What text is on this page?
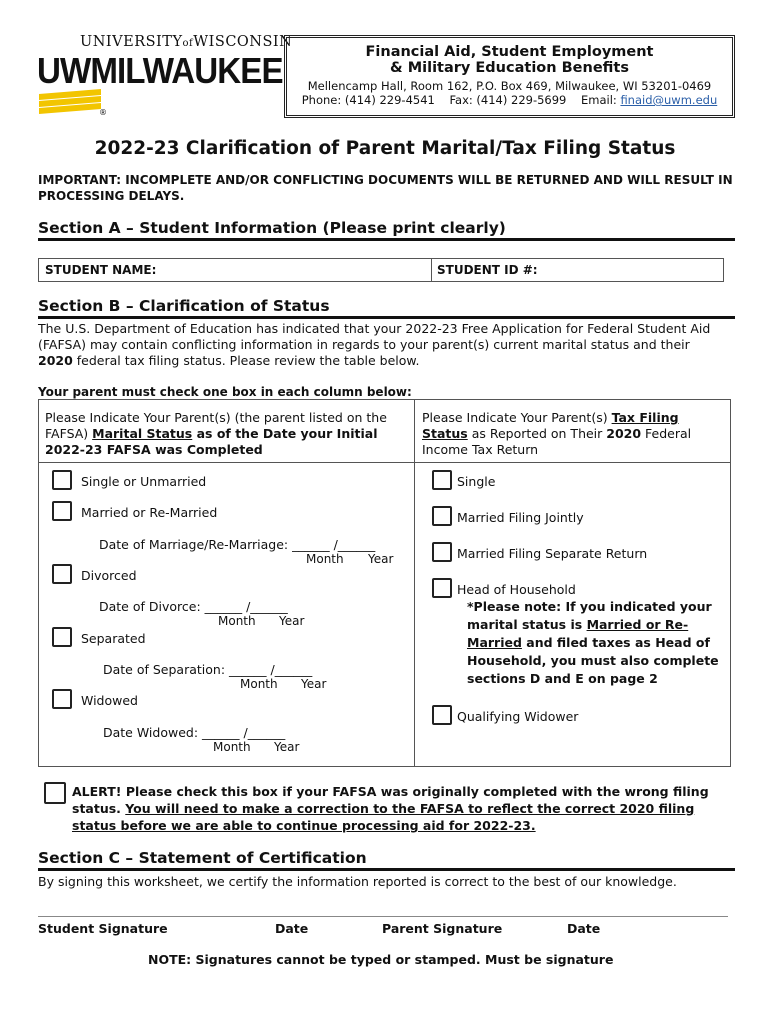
UNIVERSITYofWISCONSIN
UWMILWAUKEE
®
Financial Aid, Student Employment
& Military Education Benefits
Mellencamp Hall, Room 162, P.O. Box 469, Milwaukee, WI 53201-0469
Phone: (414) 229-4541 Fax: (414) 229-5699 Email: finaid@uwm.edu
2022-23 Clarification of Parent Marital/Tax Filing Status
IMPORTANT: INCOMPLETE AND/OR CONFLICTING DOCUMENTS WILL BE RETURNED AND WILL RESULT IN PROCESSING DELAYS.
Section A – Student Information (Please print clearly)
STUDENT NAME:	STUDENT ID #:
Section B – Clarification of Status
The U.S. Department of Education has indicated that your 2022-23 Free Application for Federal Student Aid (FAFSA) may contain conflicting information in regards to your parent(s) current marital status and their 2020 federal tax filing status. Please review the table below.
Your parent must check one box in each column below:
Please Indicate Your Parent(s) (the parent listed on the FAFSA) Marital Status as of the Date your Initial 2022-23 FAFSA was Completed
Please Indicate Your Parent(s) Tax Filing Status as Reported on Their 2020 Federal Income Tax Return
Single or Unmarried
Married or Re-Married
Date of Marriage/Re-Marriage: ______ /______
Month Year
Divorced
Date of Divorce: ______ /______
Month Year
Separated
Date of Separation: ______ /______
Month Year
Widowed
Date Widowed: ______ /______
Month Year
Single
Married Filing Jointly
Married Filing Separate Return
Head of Household
*Please note: If you indicated your marital status is Married or Re-Married and filed taxes as Head of Household, you must also complete sections D and E on page 2
Qualifying Widower
ALERT! Please check this box if your FAFSA was originally completed with the wrong filing status. You will need to make a correction to the FAFSA to reflect the correct 2020 filing status before we are able to continue processing aid for 2022-23.
Section C – Statement of Certification
By signing this worksheet, we certify the information reported is correct to the best of our knowledge.
Student Signature	Date	Parent Signature	Date
NOTE: Signatures cannot be typed or stamped. Must be signature
